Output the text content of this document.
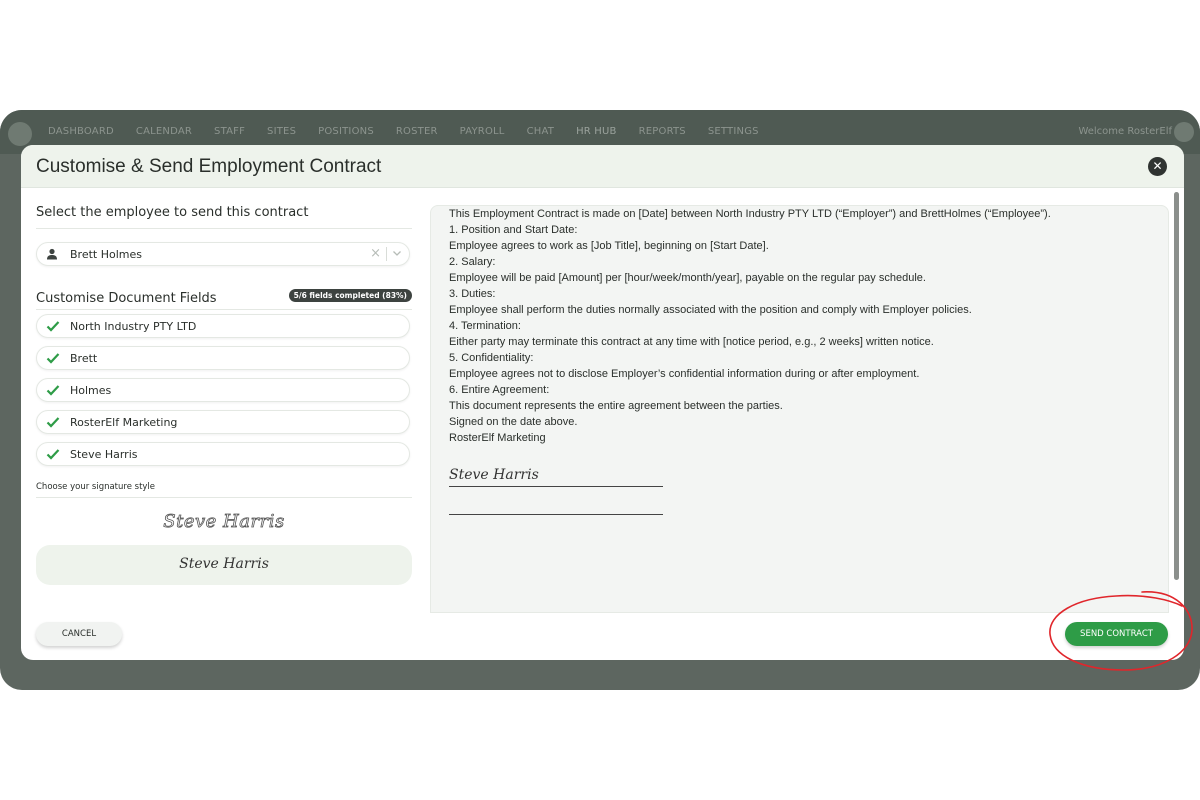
DASHBOARD CALENDAR STAFF SITES POSITIONS ROSTER PAYROLL CHAT HR HUB REPORTS SETTINGS	Welcome RosterElf
Customise & Send Employment Contract	✕
Select the employee to send this contract
Brett Holmes	×
Customise Document Fields	5/6 fields completed (83%)
North Industry PTY LTD
Brett
Holmes
RosterElf Marketing
Steve Harris
Choose your signature style
Steve Harris
Steve Harris
This Employment Contract is made on [Date] between North Industry PTY LTD (“Employer”) and BrettHolmes (“Employee”).
1. Position and Start Date:
Employee agrees to work as [Job Title], beginning on [Start Date].
2. Salary:
Employee will be paid [Amount] per [hour/week/month/year], payable on the regular pay schedule.
3. Duties:
Employee shall perform the duties normally associated with the position and comply with Employer policies.
4. Termination:
Either party may terminate this contract at any time with [notice period, e.g., 2 weeks] written notice.
5. Confidentiality:
Employee agrees not to disclose Employer’s confidential information during or after employment.
6. Entire Agreement:
This document represents the entire agreement between the parties.
Signed on the date above.
RosterElf Marketing
Steve Harris
CANCEL	SEND CONTRACT
